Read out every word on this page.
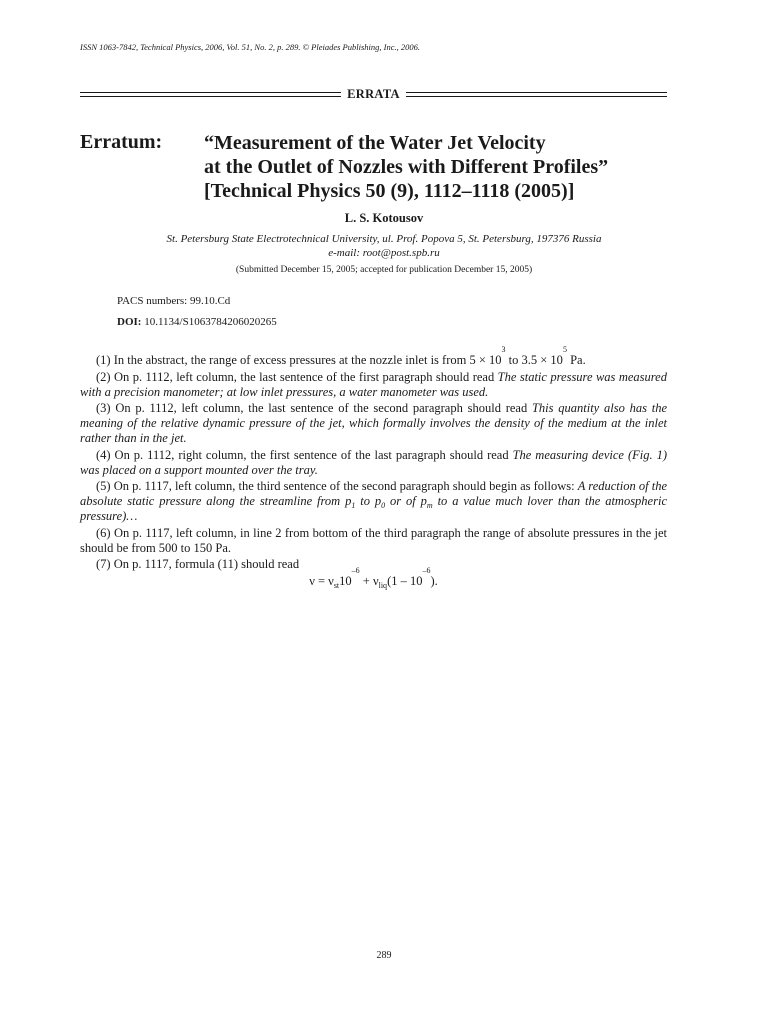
ISSN 1063-7842, Technical Physics, 2006, Vol. 51, No. 2, p. 289. © Pleiades Publishing, Inc., 2006.
ERRATA
Erratum: “Measurement of the Water Jet Velocity
at the Outlet of Nozzles with Different Profiles”
[Technical Physics 50 (9), 1112–1118 (2005)]
L. S. Kotousov
St. Petersburg State Electrotechnical University, ul. Prof. Popova 5, St. Petersburg, 197376 Russia
e-mail: root@post.spb.ru
(Submitted December 15, 2005; accepted for publication December 15, 2005)
PACS numbers: 99.10.Cd
DOI: 10.1134/S1063784206020265

(1) In the abstract, the range of excess pressures at the nozzle inlet is from $5 \times 10^3$ to $3.5 \times 10^5$ Pa.

(2) On p. 1112, left column, the last sentence of the first paragraph should read The static pressure was measured with a precision manometer; at low inlet pressures, a water manometer was used.

(3) On p. 1112, left column, the last sentence of the second paragraph should read This quantity also has the meaning of the relative dynamic pressure of the jet, which formally involves the density of the medium at the inlet rather than in the jet.

(4) On p. 1112, right column, the first sentence of the last paragraph should read The measuring device (Fig. 1) was placed on a support mounted over the tray.

(5) On p. 1117, left column, the third sentence of the second paragraph should begin as follows: A reduction of the absolute static pressure along the streamline from $p_1$ to $p_0$ or of $p_m$ to a value much lover than the atmospheric pressure)…

(6) On p. 1117, left column, in line 2 from bottom of the third paragraph the range of absolute pressures in the jet should be from 500 to 150 Pa.

(7) On p. 1117, formula (11) should read

$\nu = \nu_{st}10^{-6} + \nu_{liq}(1 - 10^{-6})$.

289
